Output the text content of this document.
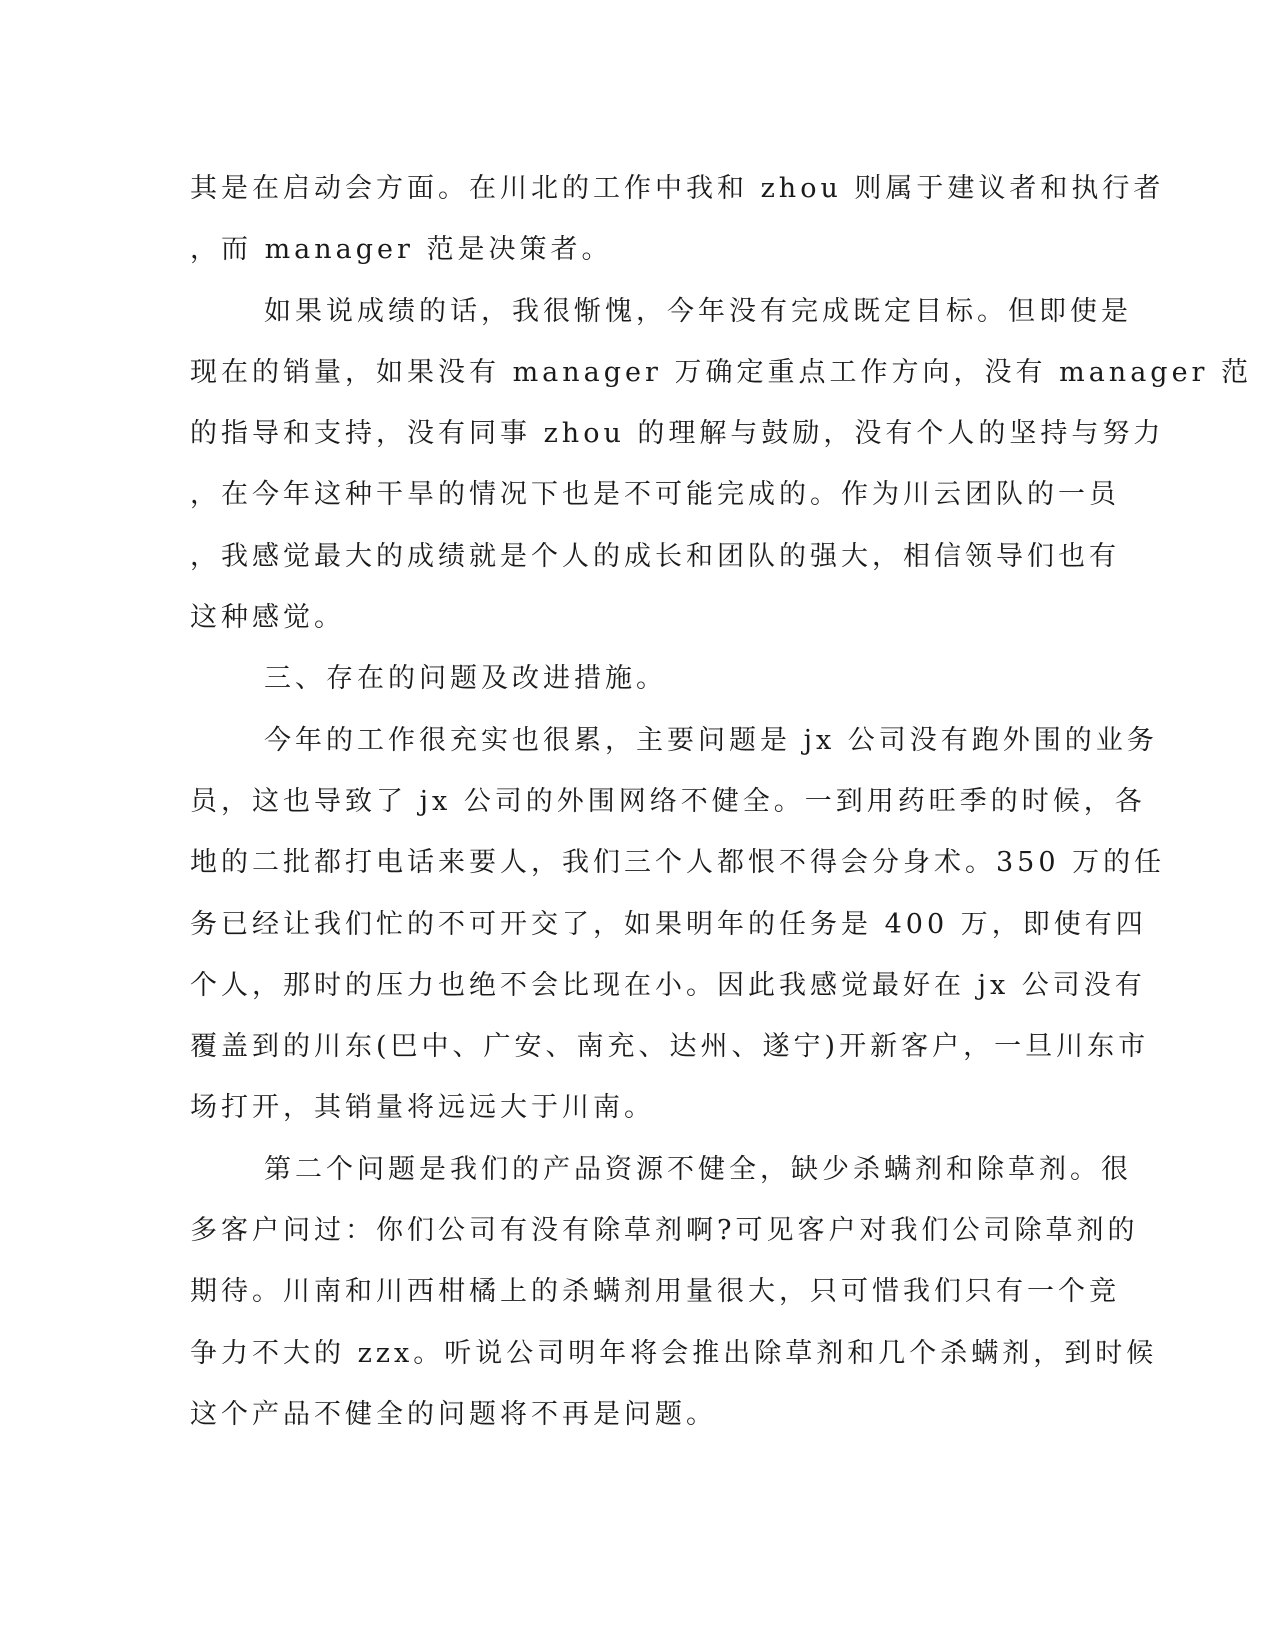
其是在启动会方面。在川北的工作中我和 zhou 则属于建议者和执行者
，而 manager 范是决策者。
如果说成绩的话，我很惭愧，今年没有完成既定目标。但即使是
现在的销量，如果没有 manager 万确定重点工作方向，没有 manager 范
的指导和支持，没有同事 zhou 的理解与鼓励，没有个人的坚持与努力
，在今年这种干旱的情况下也是不可能完成的。作为川云团队的一员
，我感觉最大的成绩就是个人的成长和团队的强大，相信领导们也有
这种感觉。
三、存在的问题及改进措施。
今年的工作很充实也很累，主要问题是 jx 公司没有跑外围的业务
员，这也导致了 jx 公司的外围网络不健全。一到用药旺季的时候，各
地的二批都打电话来要人，我们三个人都恨不得会分身术。350 万的任
务已经让我们忙的不可开交了，如果明年的任务是 400 万，即使有四
个人，那时的压力也绝不会比现在小。因此我感觉最好在 jx 公司没有
覆盖到的川东(巴中、广安、南充、达州、遂宁)开新客户，一旦川东市
场打开，其销量将远远大于川南。
第二个问题是我们的产品资源不健全，缺少杀螨剂和除草剂。很
多客户问过：你们公司有没有除草剂啊?可见客户对我们公司除草剂的
期待。川南和川西柑橘上的杀螨剂用量很大，只可惜我们只有一个竞
争力不大的 zzx。听说公司明年将会推出除草剂和几个杀螨剂，到时候
这个产品不健全的问题将不再是问题。
